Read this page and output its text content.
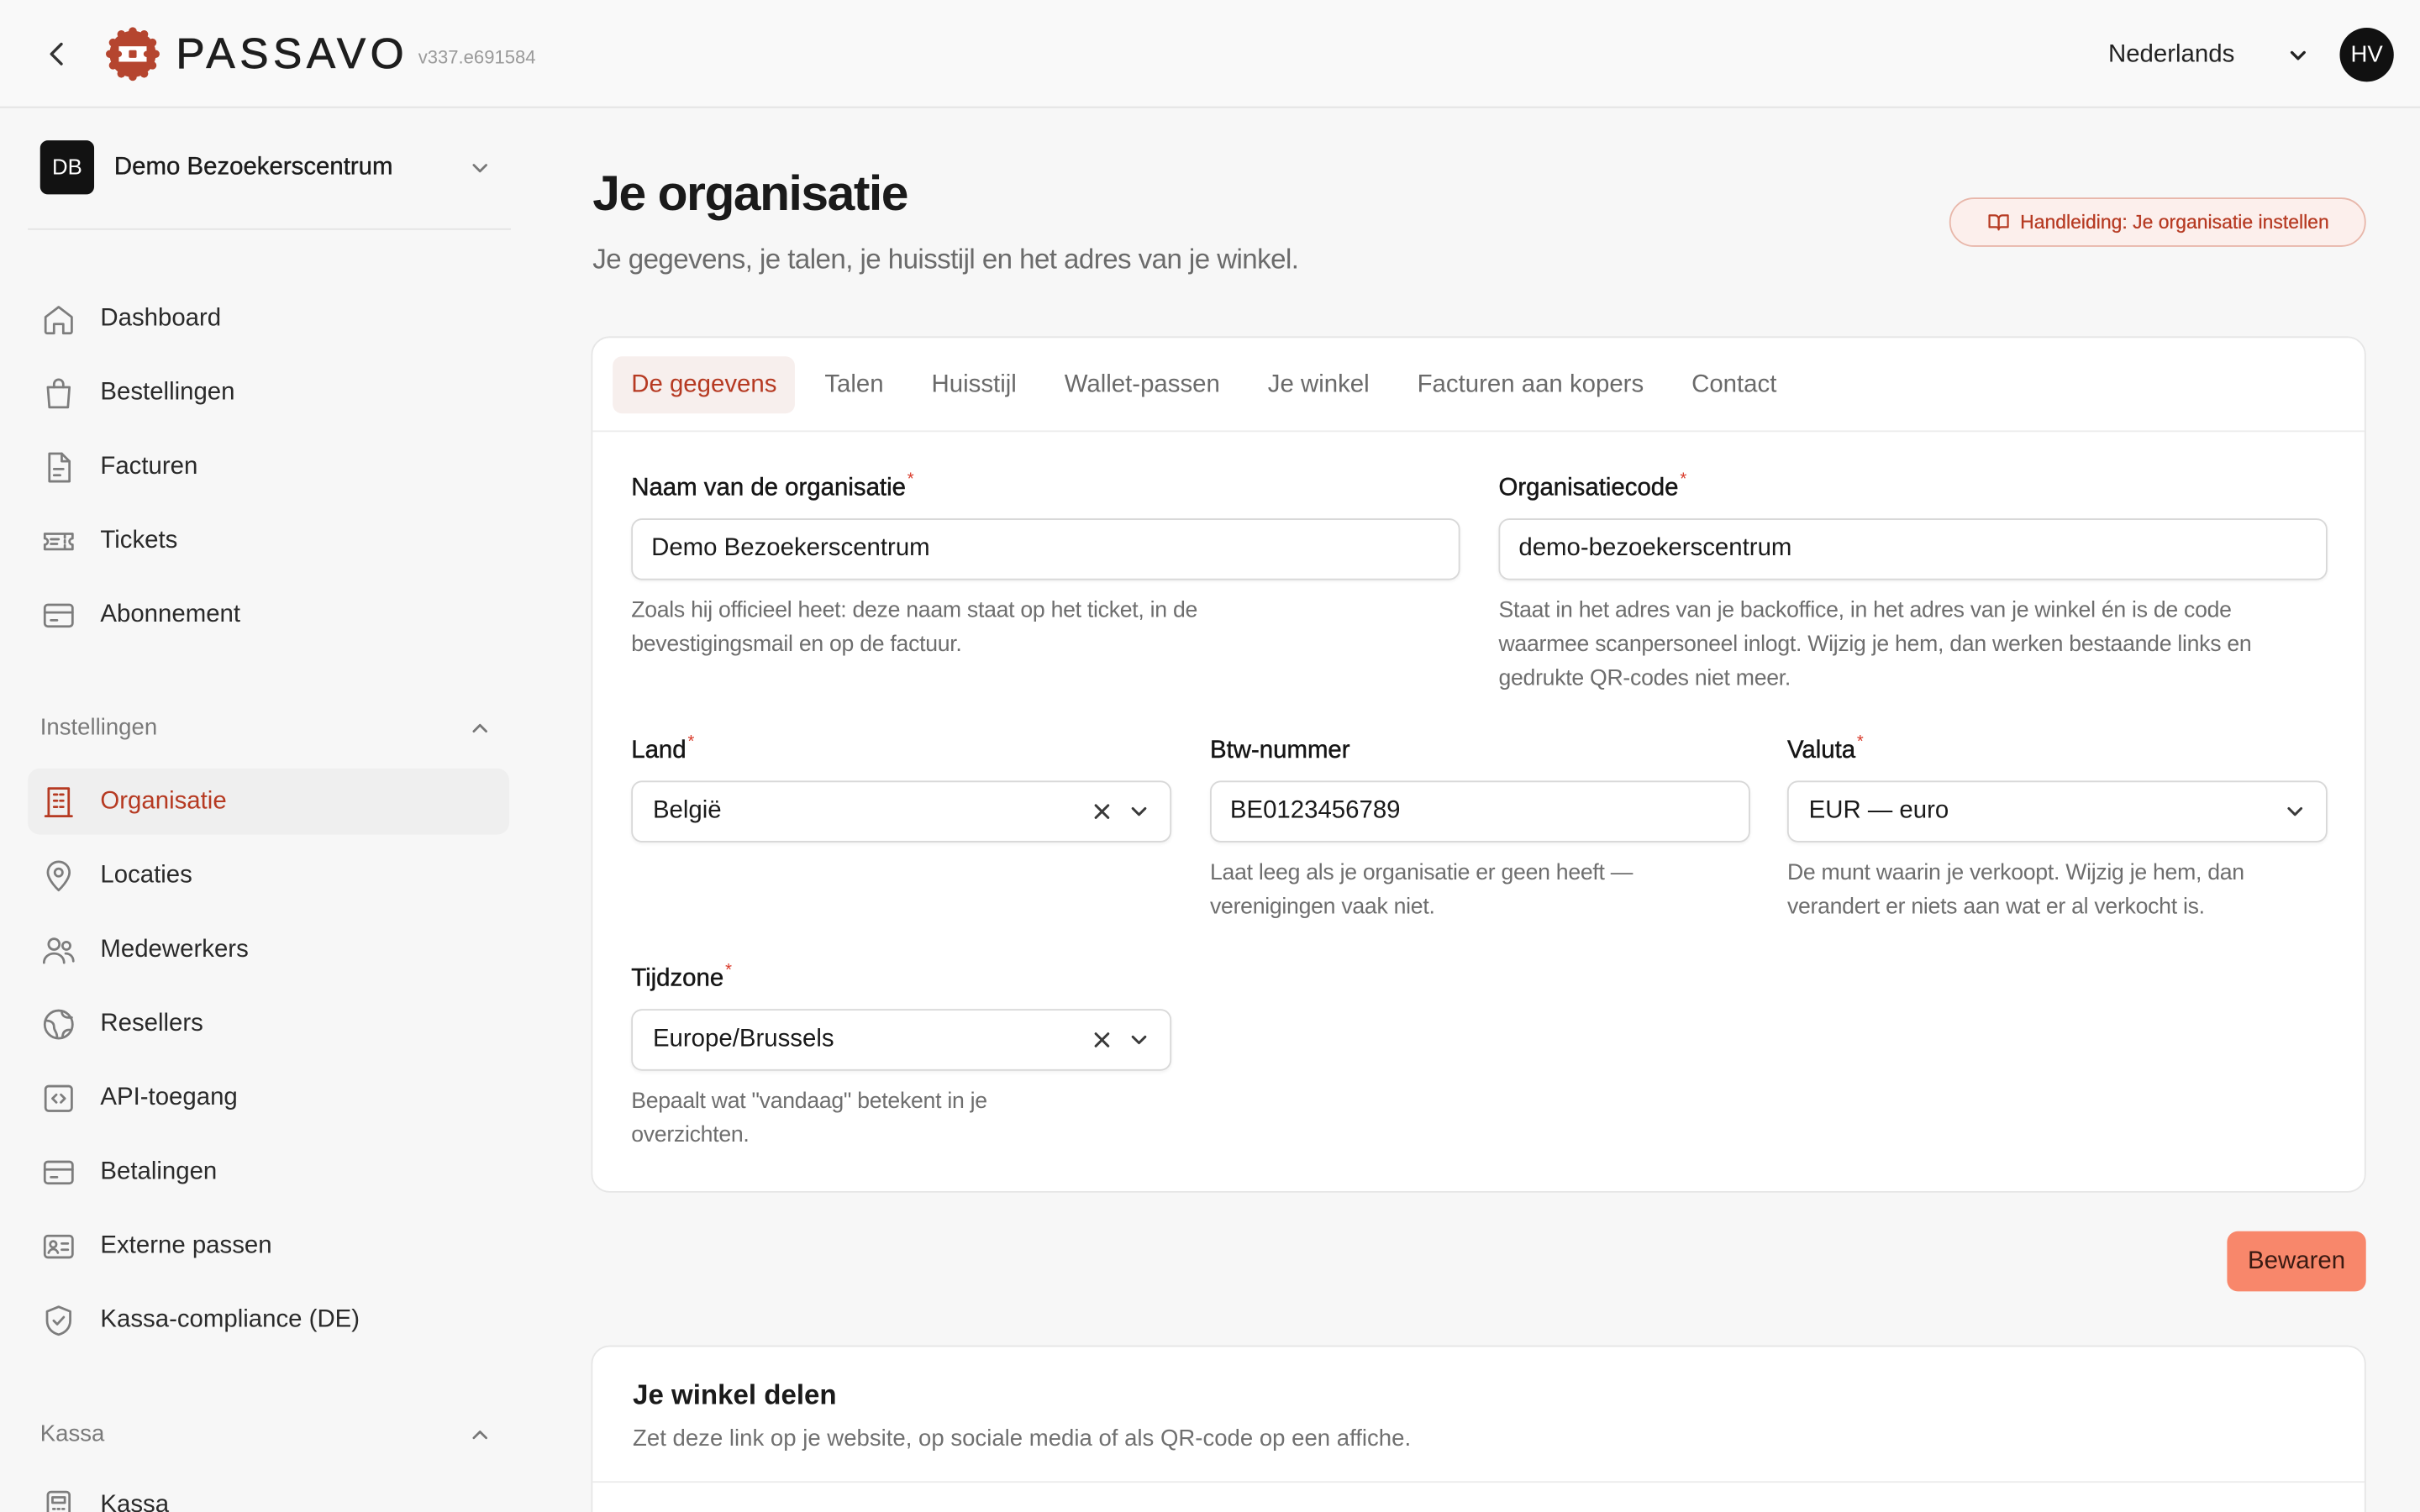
PASSAVO v337.e691584	Nederlands	HV
DB	Demo Bezoekerscentrum
Dashboard
Bestellingen
Facturen
Tickets
Abonnement
Instellingen
Organisatie
Locaties
Medewerkers
Resellers
API-toegang
Betalingen
Externe passen
Kassa-compliance (DE)
Kassa
Kassa
Je organisatie
Je gegevens, je talen, je huisstijl en het adres van je winkel.
Handleiding: Je organisatie instellen
De gegevens	Talen	Huisstijl	Wallet-passen	Je winkel	Facturen aan kopers	Contact
Naam van de organisatie *
Demo Bezoekerscentrum
Zoals hij officieel heet: deze naam staat op het ticket, in de bevestigingsmail en op de factuur.
Organisatiecode *
demo-bezoekerscentrum
Staat in het adres van je backoffice, in het adres van je winkel én is de code waarmee scanpersoneel inlogt. Wijzig je hem, dan werken bestaande links en gedrukte QR-codes niet meer.
Land *
België
Btw-nummer
BE0123456789
Laat leeg als je organisatie er geen heeft — verenigingen vaak niet.
Valuta *
EUR — euro
De munt waarin je verkoopt. Wijzig je hem, dan verandert er niets aan wat er al verkocht is.
Tijdzone *
Europe/Brussels
Bepaalt wat "vandaag" betekent in je overzichten.
Bewaren
Je winkel delen
Zet deze link op je website, op sociale media of als QR-code op een affiche.
